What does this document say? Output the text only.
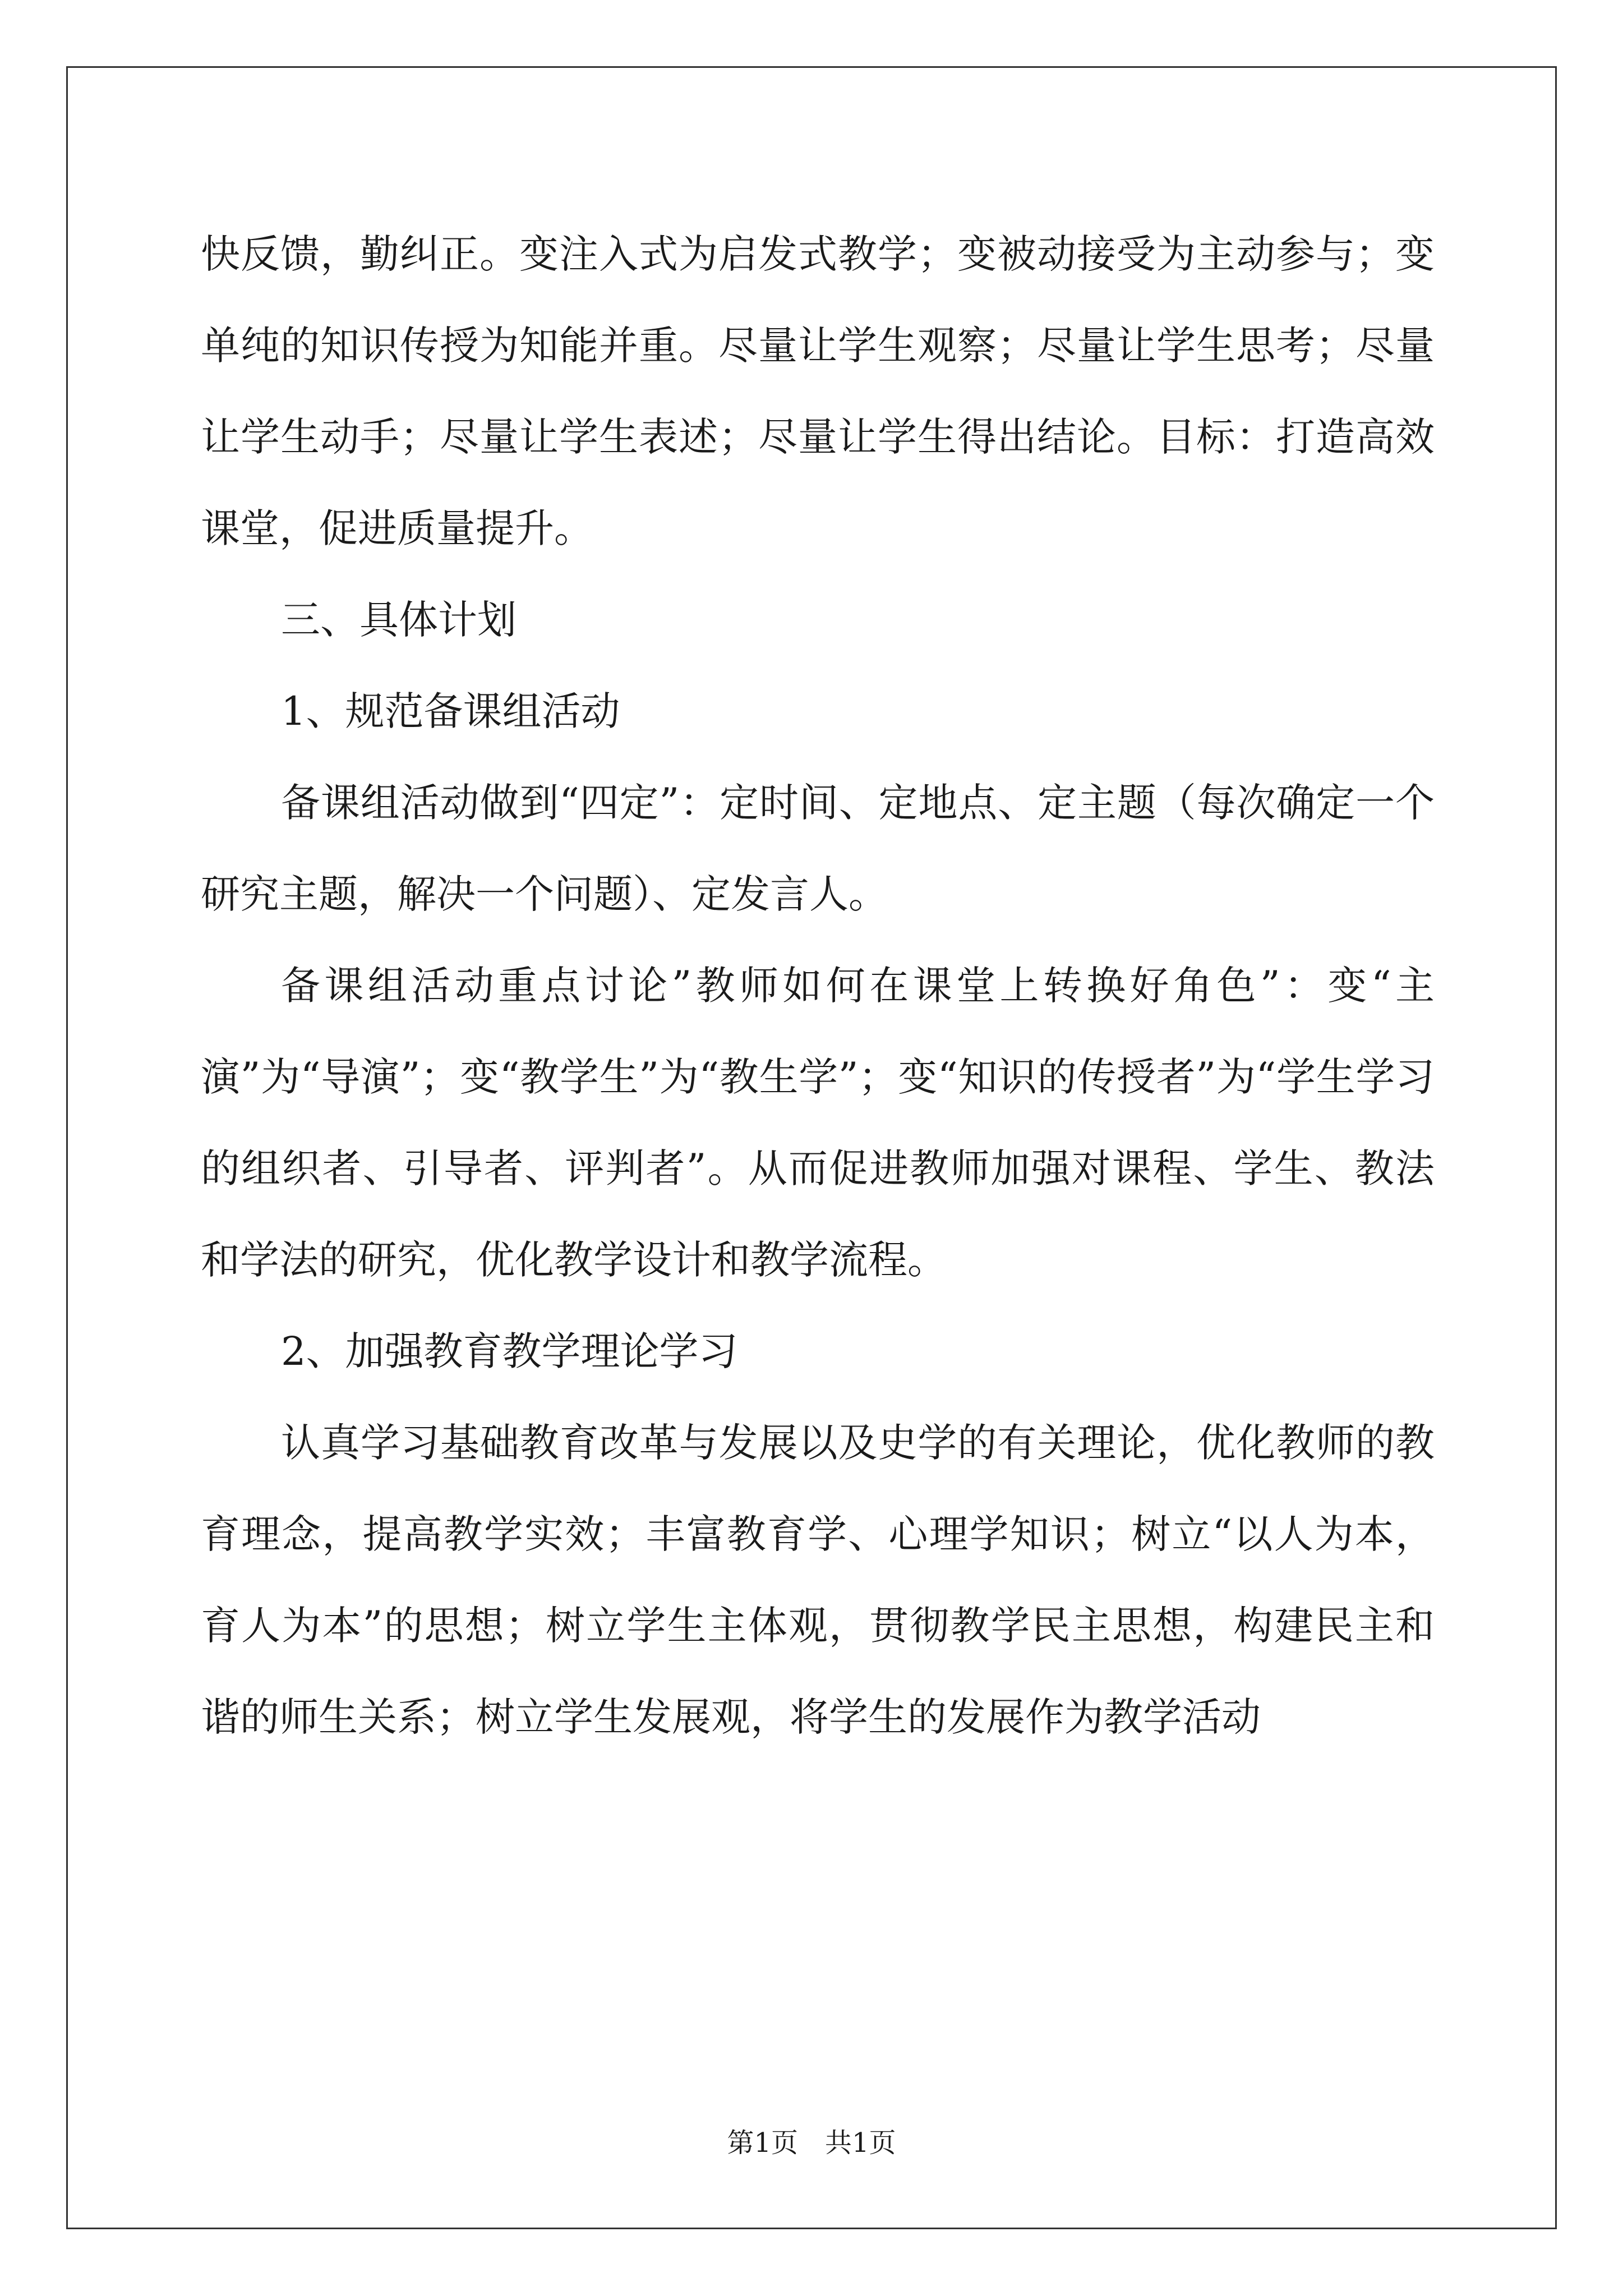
快反馈，勤纠正。变注入式为启发式教学；变被动接受为主动参与；变单纯的知识传授为知能并重。尽量让学生观察；尽量让学生思考；尽量让学生动手；尽量让学生表述；尽量让学生得出结论。目标：打造高效课堂，促进质量提升。

三、具体计划

1、规范备课组活动

备课组活动做到“四定”：定时间、定地点、定主题（每次确定一个研究主题，解决一个问题）、定发言人。

备课组活动重点讨论”教师如何在课堂上转换好角色”：变“主演”为“导演”；变“教学生”为“教生学”；变“知识的传授者”为“学生学习的组织者、引导者、评判者”。从而促进教师加强对课程、学生、教法和学法的研究，优化教学设计和教学流程。

2、加强教育教学理论学习

认真学习基础教育改革与发展以及史学的有关理论，优化教师的教育理念，提高教学实效；丰富教育学、心理学知识；树立“以人为本，育人为本”的思想；树立学生主体观，贯彻教学民主思想，构建民主和谐的师生关系；树立学生发展观，将学生的发展作为教学活动

第1页 共1页
